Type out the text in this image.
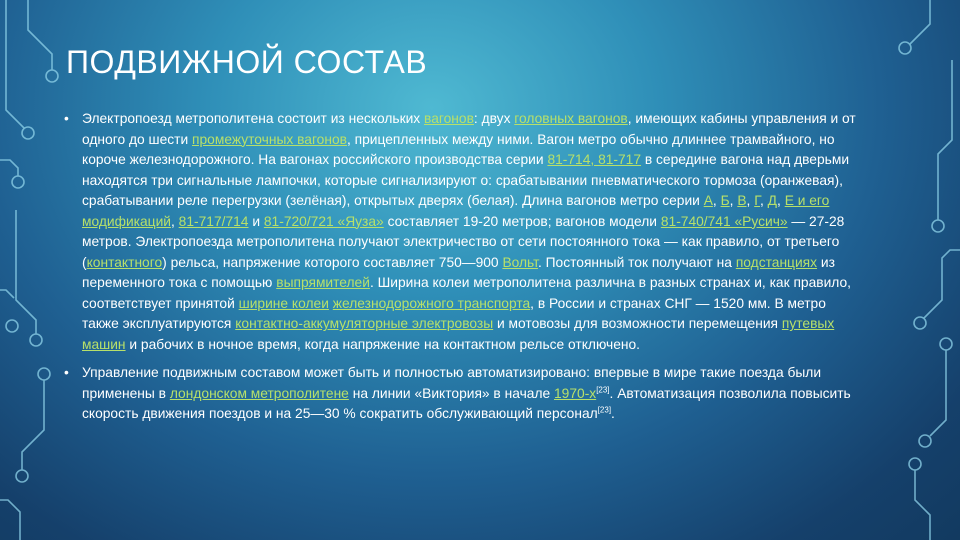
ПОДВИЖНОЙ СОСТАВ

• Электропоезд метрополитена состоит из нескольких вагонов: двух головных вагонов, имеющих кабины управления и от одного до шести промежуточных вагонов, прицепленных между ними. Вагон метро обычно длиннее трамвайного, но короче железнодорожного. На вагонах российского производства серии 81-714, 81-717 в середине вагона над дверьми находятся три сигнальные лампочки, которые сигнализируют о: срабатывании пневматического тормоза (оранжевая), срабатывании реле перегрузки (зелёная), открытых дверях (белая). Длина вагонов метро серии А, Б, В, Г, Д, Е и его модификаций, 81-717/714 и 81-720/721 «Яуза» составляет 19-20 метров; вагонов модели 81-740/741 «Русич» — 27-28 метров. Электропоезда метрополитена получают электричество от сети постоянного тока — как правило, от третьего (контактного) рельса, напряжение которого составляет 750—900 Вольт. Постоянный ток получают на подстанциях из переменного тока с помощью выпрямителей. Ширина колеи метрополитена различна в разных странах и, как правило, соответствует принятой ширине колеи железнодорожного транспорта, в России и странах СНГ — 1520 мм. В метро также эксплуатируются контактно-аккумуляторные электровозы и мотовозы для возможности перемещения путевых машин и рабочих в ночное время, когда напряжение на контактном рельсе отключено.

• Управление подвижным составом может быть и полностью автоматизировано: впервые в мире такие поезда были применены в лондонском метрополитене на линии «Виктория» в начале 1970-х[23]. Автоматизация позволила повысить скорость движения поездов и на 25—30 % сократить обслуживающий персонал[23].
